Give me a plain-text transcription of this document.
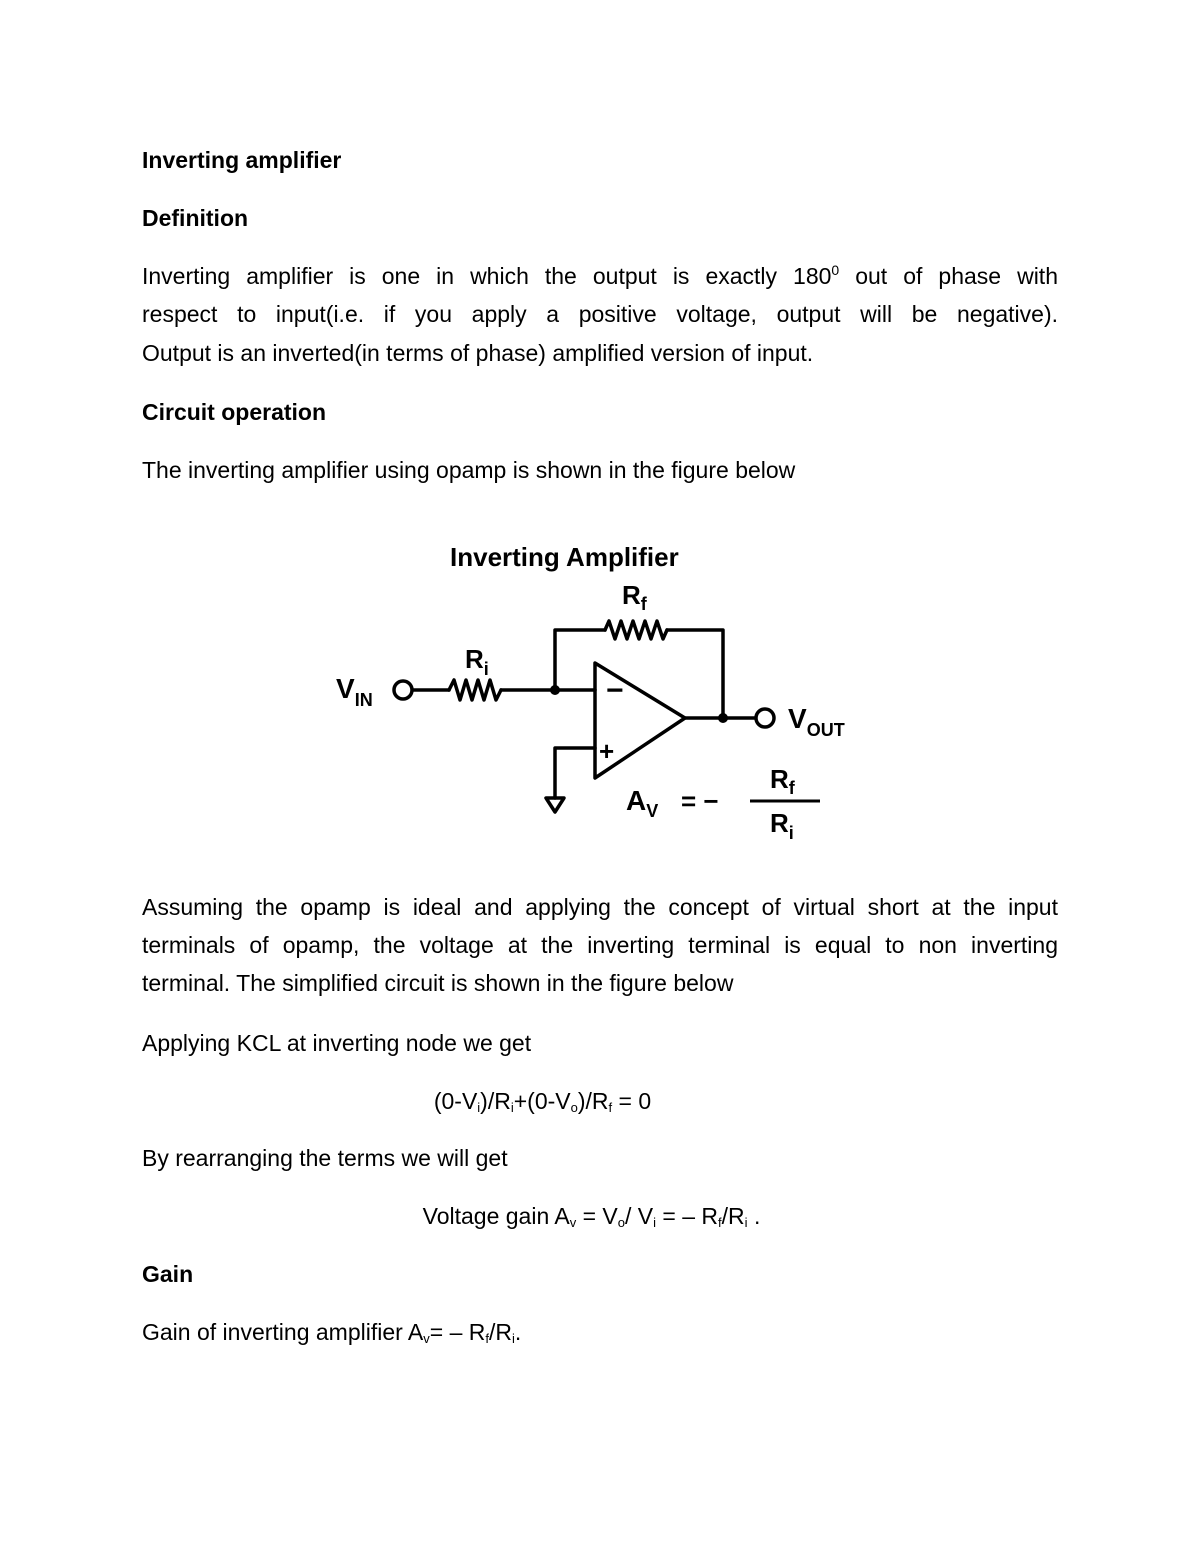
Inverting amplifier
Definition
Inverting amplifier is one in which the output is exactly $180^0$ out of phase with
respect to input(i.e. if you apply a positive voltage, output will be negative).
Output is an inverted(in terms of phase) amplified version of input.
Circuit operation
The inverting amplifier using opamp is shown in the figure below
Inverting Amplifier
−
+
$R_f$
$R_i$
$V_{IN}$
$V_{OUT}$
$A_V$ = −
$R_f$
$R_i$
Assuming the opamp is ideal and applying the concept of virtual short at the input
terminals of opamp, the voltage at the inverting terminal is equal to non inverting
terminal. The simplified circuit is shown in the figure below
Applying KCL at inverting node we get
$(0-V_i)/R_i+(0-V_o)/R_f = 0$
By rearranging the terms we will get
Voltage gain $A_v = V_o/$ $V_i$ = – $R_f/R_i$ .
Gain
Gain of inverting amplifier $A_v= - R_f/R_i$.
